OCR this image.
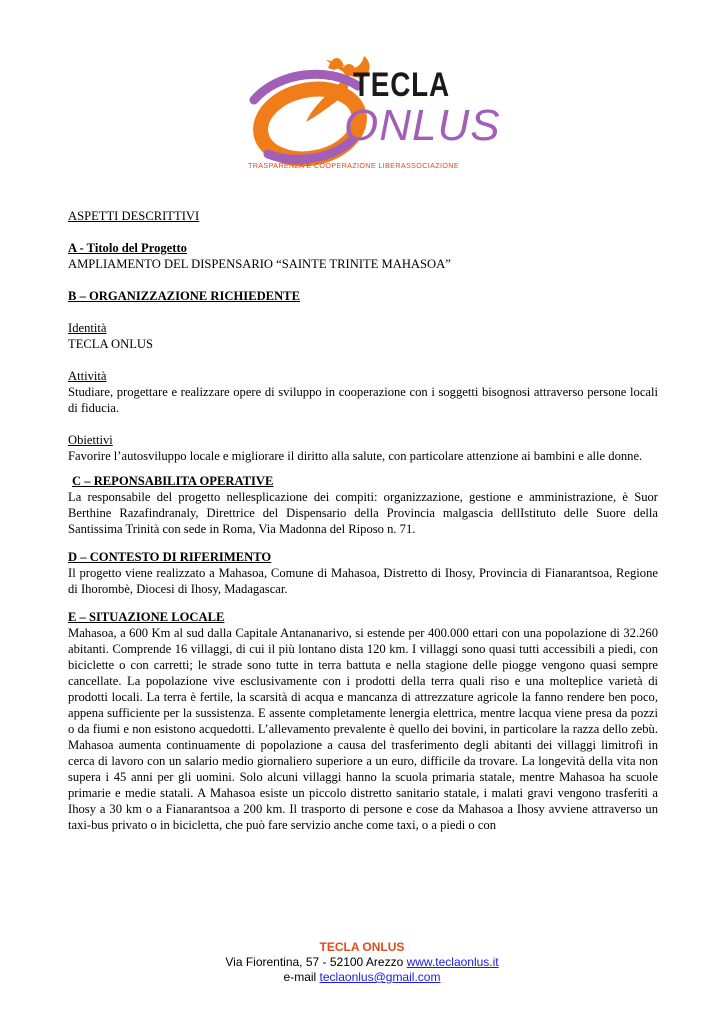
TECLA
ONLUS
TRASPARENZA E COOPERAZIONE LIBERASSOCIAZIONE

ASPETTI DESCRITTIVI

A - Titolo del Progetto

AMPLIAMENTO DEL DISPENSARIO “SAINTE TRINITE MAHASOA”

B – ORGANIZZAZIONE RICHIEDENTE

Identità

TECLA ONLUS

Attività

Studiare, progettare e realizzare opere di sviluppo in cooperazione con i soggetti bisognosi attraverso persone locali di fiducia.

Obiettivi

Favorire l’autosviluppo locale e migliorare il diritto alla salute, con particolare attenzione ai bambini e alle donne.

C – REPONSABILITA OPERATIVE

La responsabile del progetto nellesplicazione dei compiti: organizzazione, gestione e amministrazione, è Suor Berthine Razafindranaly, Direttrice del Dispensario della Provincia malgascia dellIstituto delle Suore della Santissima Trinità con sede in Roma, Via Madonna del Riposo n. 71.

D – CONTESTO DI RIFERIMENTO

Il progetto viene realizzato a Mahasoa, Comune di Mahasoa, Distretto di Ihosy, Provincia di Fianarantsoa, Regione di Ihorombè, Diocesi di Ihosy, Madagascar.

E – SITUAZIONE LOCALE

Mahasoa, a 600 Km al sud dalla Capitale Antananarivo, si estende per 400.000 ettari con una popolazione di 32.260 abitanti. Comprende 16 villaggi, di cui il più lontano dista 120 km. I villaggi sono quasi tutti accessibili a piedi, con biciclette o con carretti; le strade sono tutte in terra battuta e nella stagione delle piogge vengono quasi sempre cancellate. La popolazione vive esclusivamente con i prodotti della terra quali riso e una molteplice varietà di prodotti locali. La terra è fertile, la scarsità di acqua e mancanza di attrezzature agricole la fanno rendere ben poco, appena sufficiente per la sussistenza. E assente completamente lenergia elettrica, mentre lacqua viene presa da pozzi o da fiumi e non esistono acquedotti. L’allevamento prevalente è quello dei bovini, in particolare la razza dello zebù. Mahasoa aumenta continuamente di popolazione a causa del trasferimento degli abitanti dei villaggi limitrofi in cerca di lavoro con un salario medio giornaliero superiore a un euro, difficile da trovare. La longevità della vita non supera i 45 anni per gli uomini. Solo alcuni villaggi hanno la scuola primaria statale, mentre Mahasoa ha scuole primarie e medie statali. A Mahasoa esiste un piccolo distretto sanitario statale, i malati gravi vengono trasferiti a Ihosy a 30 km o a Fianarantsoa a 200 km. Il trasporto di persone e cose da Mahasoa a Ihosy avviene attraverso un taxi-bus privato o in bicicletta, che può fare servizio anche come taxi, o a piedi o con

TECLA ONLUS
Via Fiorentina, 57 - 52100 Arezzo www.teclaonlus.it
e-mail teclaonlus@gmail.com
